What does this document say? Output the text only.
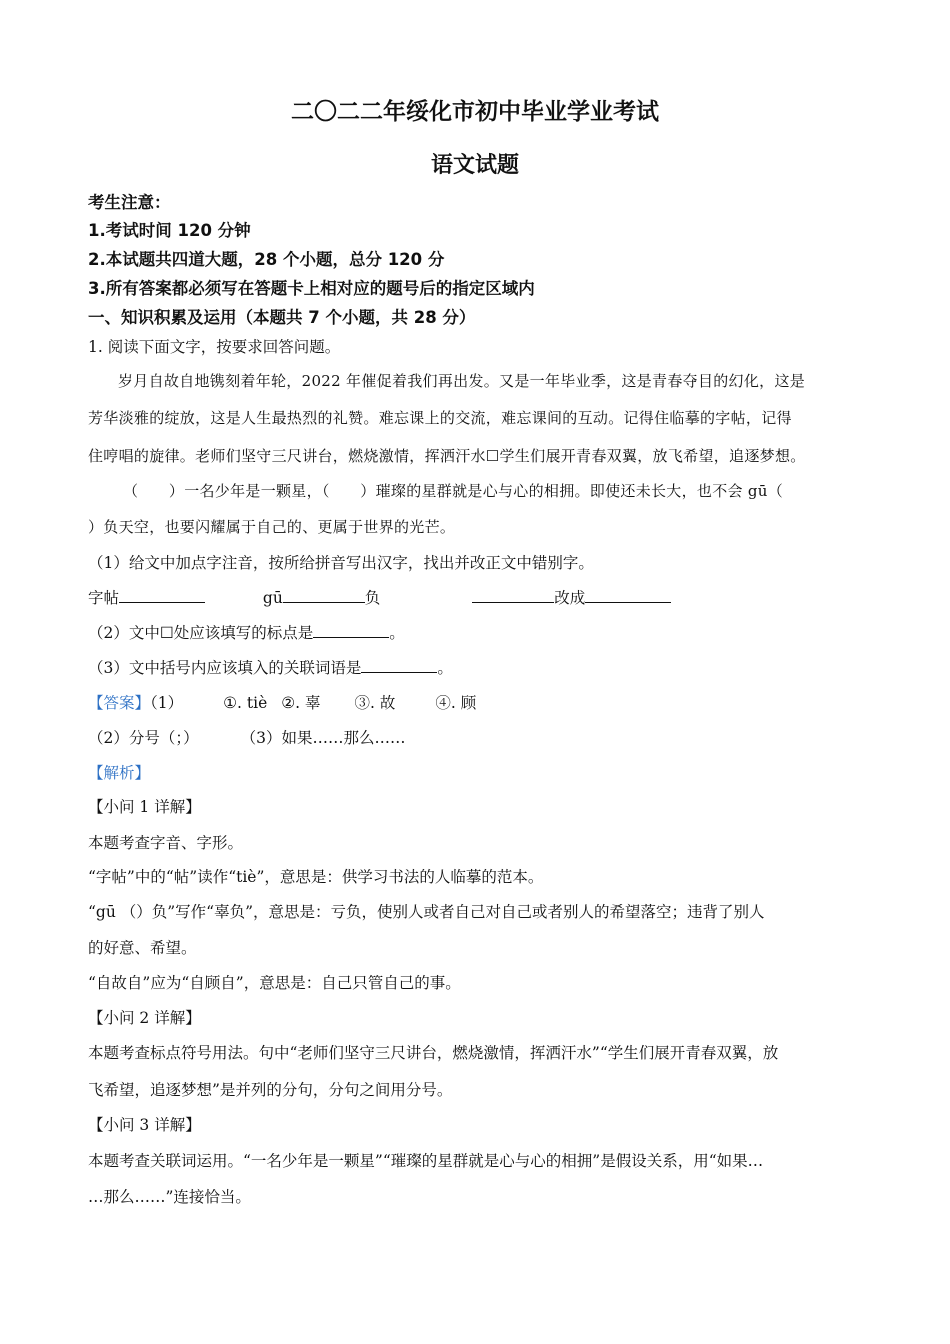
二〇二二年绥化市初中毕业学业考试
语文试题
考生注意：
1.考试时间 120 分钟
2.本试题共四道大题，28 个小题，总分 120 分
3.所有答案都必须写在答题卡上相对应的题号后的指定区域内
一、知识积累及运用（本题共 7 个小题，共 28 分）
1. 阅读下面文字，按要求回答问题。
岁月自故自地镌刻着年轮，2022 年催促着我们再出发。又是一年毕业季，这是青春夺目的幻化，这是
芳华淡雅的绽放，这是人生最热烈的礼赞。难忘课上的交流，难忘课间的互动。记得住临摹的字帖，记得
住哼唱的旋律。老师们坚守三尺讲台，燃烧激情，挥洒汗水☐学生们展开青春双翼，放飞希望，追逐梦想。
（　　）一名少年是一颗星，（　　）璀璨的星群就是心与心的相拥。即使还未长大，也不会 gū（
）负天空，也要闪耀属于自己的、更属于世界的光芒。
（1）给文中加点字注音，按所给拼音写出汉字，找出并改正文中错别字。
字帖	gū	负	改成
（2）文中☐处应该填写的标点是	。
（3）文中括号内应该填入的关联词语是	。
【答案】（1）	①. tiè ②. 辜 ③. 故	④. 顾
（2）分号（；）	（3）如果……那么……
【解析】
【小问 1 详解】
本题考查字音、字形。
“字帖”中的“帖”读作“tiè”，意思是：供学习书法的人临摹的范本。
“gū （）负”写作“辜负”，意思是：亏负，使别人或者自己对自己或者别人的希望落空；违背了别人
的好意、希望。
“自故自”应为“自顾自”，意思是：自己只管自己的事。
【小问 2 详解】
本题考查标点符号用法。句中“老师们坚守三尺讲台，燃烧激情，挥洒汗水”“学生们展开青春双翼，放
飞希望，追逐梦想”是并列的分句，分句之间用分号。
【小问 3 详解】
本题考查关联词运用。“一名少年是一颗星”“璀璨的星群就是心与心的相拥”是假设关系，用“如果…
…那么……”连接恰当。
